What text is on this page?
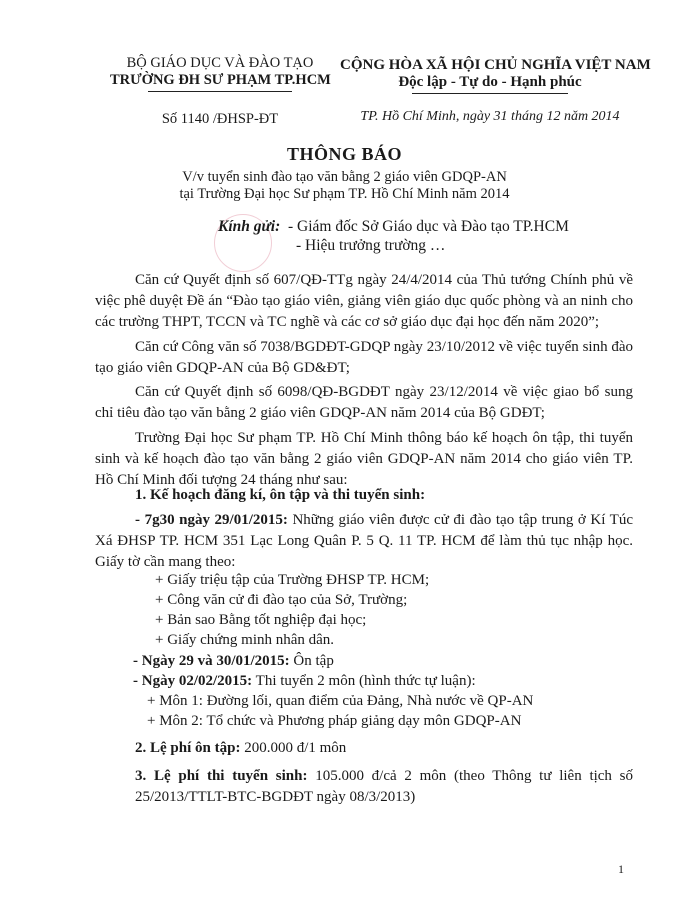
BỘ GIÁO DỤC VÀ ĐÀO TẠO
TRƯỜNG ĐH SƯ PHẠM TP.HCM
Số 1140 /ĐHSP-ĐT
CỘNG HÒA XÃ HỘI CHỦ NGHĨA VIỆT NAM
Độc lập - Tự do - Hạnh phúc
TP. Hồ Chí Minh, ngày 31 tháng 12 năm 2014
THÔNG BÁO
V/v tuyển sinh đào tạo văn bằng 2 giáo viên GDQP-AN
tại Trường Đại học Sư phạm TP. Hồ Chí Minh năm 2014
Kính gửi: - Giám đốc Sở Giáo dục và Đào tạo TP.HCM
- Hiệu trưởng trường …
Căn cứ Quyết định số 607/QĐ-TTg ngày 24/4/2014 của Thủ tướng Chính phủ về việc phê duyệt Đề án “Đào tạo giáo viên, giảng viên giáo dục quốc phòng và an ninh cho các trường THPT, TCCN và TC nghề và các cơ sở giáo dục đại học đến năm 2020”;
Căn cứ Công văn số 7038/BGDĐT-GDQP ngày 23/10/2012 về việc tuyển sinh đào tạo giáo viên GDQP-AN của Bộ GD&ĐT;
Căn cứ Quyết định số 6098/QĐ-BGDĐT ngày 23/12/2014 về việc giao bổ sung chỉ tiêu đào tạo văn bằng 2 giáo viên GDQP-AN năm 2014 của Bộ GDĐT;
Trường Đại học Sư phạm TP. Hồ Chí Minh thông báo kế hoạch ôn tập, thi tuyển sinh và kế hoạch đào tạo văn bằng 2 giáo viên GDQP-AN năm 2014 cho giáo viên TP. Hồ Chí Minh đối tượng 24 tháng như sau:
1. Kế hoạch đăng kí, ôn tập và thi tuyển sinh:
- 7g30 ngày 29/01/2015: Những giáo viên được cử đi đào tạo tập trung ở Kí Túc Xá ĐHSP TP. HCM 351 Lạc Long Quân P. 5 Q. 11 TP. HCM để làm thủ tục nhập học. Giấy tờ cần mang theo:
+ Giấy triệu tập của Trường ĐHSP TP. HCM;
+ Công văn cử đi đào tạo của Sở, Trường;
+ Bản sao Bằng tốt nghiệp đại học;
+ Giấy chứng minh nhân dân.
- Ngày 29 và 30/01/2015: Ôn tập
- Ngày 02/02/2015: Thi tuyển 2 môn (hình thức tự luận):
+ Môn 1: Đường lối, quan điểm của Đảng, Nhà nước về QP-AN
+ Môn 2: Tổ chức và Phương pháp giảng dạy môn GDQP-AN
2. Lệ phí ôn tập: 200.000 đ/1 môn
3. Lệ phí thi tuyển sinh: 105.000 đ/cả 2 môn (theo Thông tư liên tịch số 25/2013/TTLT-BTC-BGDĐT ngày 08/3/2013)
1
